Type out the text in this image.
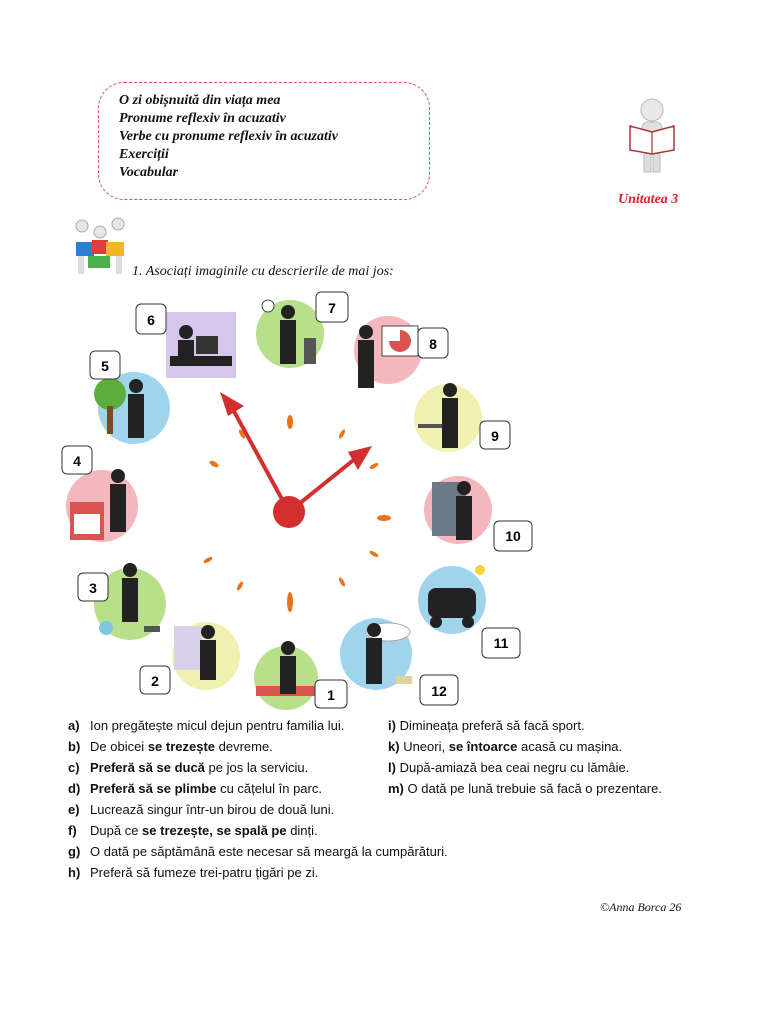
O zi obișnuită din viața mea
Pronume reflexiv în acuzativ
Verbe cu pronume reflexiv în acuzativ
Exerciții
Vocabular
Unitatea 3
1. Asociați imaginile cu descrierile de mai jos:
1
2
3
4
5
6
7
8
9
10
11
12
a) Ion pregătește micul dejun pentru familia lui.
b) De obicei se trezește devreme.
c) Preferă să se ducă pe jos la serviciu.
d) Preferă să se plimbe cu cățelul în parc.
e) Lucrează singur într-un birou de două luni.
f) După ce se trezește, se spală pe dinți.
g) O dată pe săptămână este necesar să meargă la cumpărături.
h) Preferă să fumeze trei-patru țigări pe zi.
i) Dimineața preferă să facă sport.
k) Uneori, se întoarce acasă cu mașina.
l) După-amiază bea ceai negru cu lămâie.
m) O dată pe lună trebuie să facă o prezentare.
©Anna Borca 26
